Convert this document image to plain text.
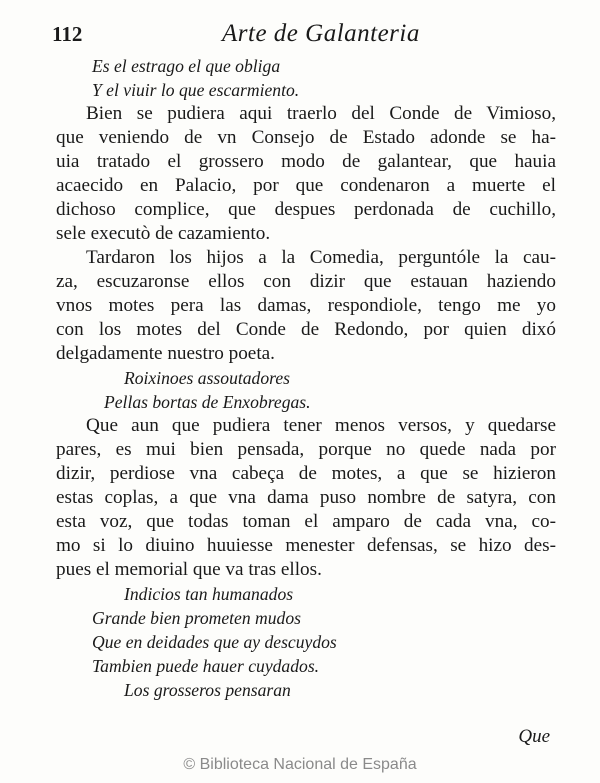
112	Arte de Galanteria
Es el estrago el que obliga
Y el viuir lo que escarmiento.
Bien se pudiera aqui traerlo del Conde de Vimioso,
que veniendo de vn Consejo de Estado adonde se ha-
uia tratado el grossero modo de galantear, que hauia
acaecido en Palacio, por que condenaron a muerte el
dichoso complice, que despues perdonada de cuchillo,
sele executò de cazamiento.
Tardaron los hijos a la Comedia, perguntóle la cau-
za, escuzaronse ellos con dizir que estauan haziendo
vnos motes pera las damas, respondiole, tengo me yo
con los motes del Conde de Redondo, por quien dixó
delgadamente nuestro poeta.
Roixinoes assoutadores
Pellas bortas de Enxobregas.
Que aun que pudiera tener menos versos, y quedarse
pares, es mui bien pensada, porque no quede nada por
dizir, perdiose vna cabeça de motes, a que se hizieron
estas coplas, a que vna dama puso nombre de satyra, con
esta voz, que todas toman el amparo de cada vna, co-
mo si lo diuino huuiesse menester defensas, se hizo des-
pues el memorial que va tras ellos.
Indicios tan humanados
Grande bien prometen mudos
Que en deidades que ay descuydos
Tambien puede hauer cuydados.
Los grosseros pensaran
Que
© Biblioteca Nacional de España
